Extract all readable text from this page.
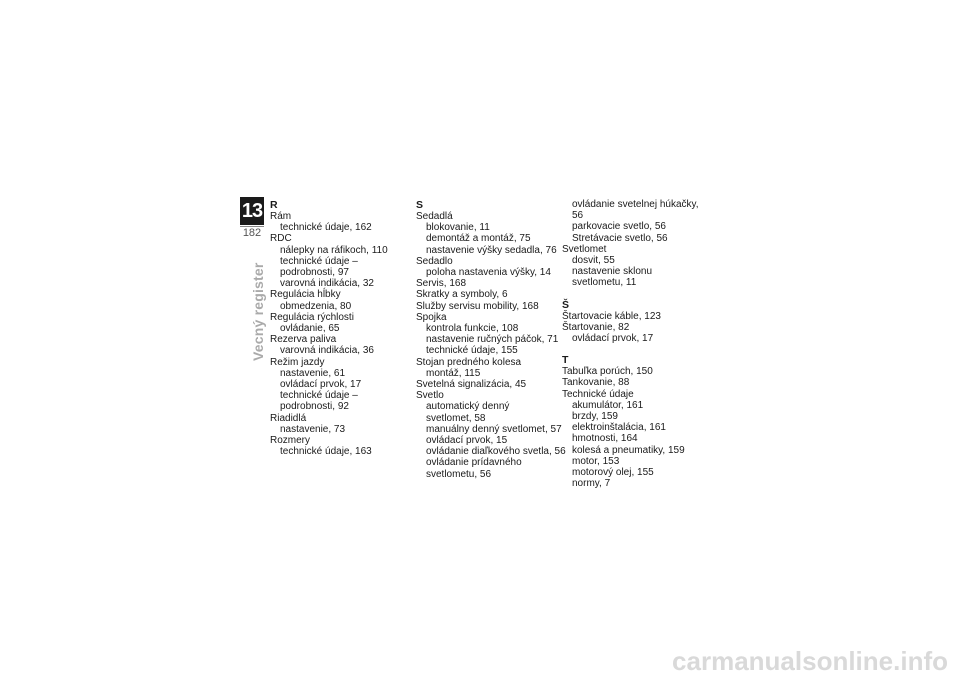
13
182
Vecný register
R
Rám
technické údaje, 162
RDC
nálepky na ráfikoch, 110
technické údaje –
podrobnosti, 97
varovná indikácia, 32
Regulácia hĺbky
obmedzenia, 80
Regulácia rýchlosti
ovládanie, 65
Rezerva paliva
varovná indikácia, 36
Režim jazdy
nastavenie, 61
ovládací prvok, 17
technické údaje –
podrobnosti, 92
Riadidlá
nastavenie, 73
Rozmery
technické údaje, 163
S
Sedadlá
blokovanie, 11
demontáž a montáž, 75
nastavenie výšky sedadla, 76
Sedadlo
poloha nastavenia výšky, 14
Servis, 168
Skratky a symboly, 6
Služby servisu mobility, 168
Spojka
kontrola funkcie, 108
nastavenie ručných páčok, 71
technické údaje, 155
Stojan predného kolesa
montáž, 115
Svetelná signalizácia, 45
Svetlo
automatický denný
svetlomet, 58
manuálny denný svetlomet, 57
ovládací prvok, 15
ovládanie diaľkového svetla, 56
ovládanie prídavného
svetlometu, 56
ovládanie svetelnej húkačky, 56
parkovacie svetlo, 56
Stretávacie svetlo, 56
Svetlomet
dosvit, 55
nastavenie sklonu
svetlometu, 11
Š
Štartovacie káble, 123
Štartovanie, 82
ovládací prvok, 17
T
Tabuľka porúch, 150
Tankovanie, 88
Technické údaje
akumulátor, 161
brzdy, 159
elektroinštalácia, 161
hmotnosti, 164
kolesá a pneumatiky, 159
motor, 153
motorový olej, 155
normy, 7
carmanualsonline.info
